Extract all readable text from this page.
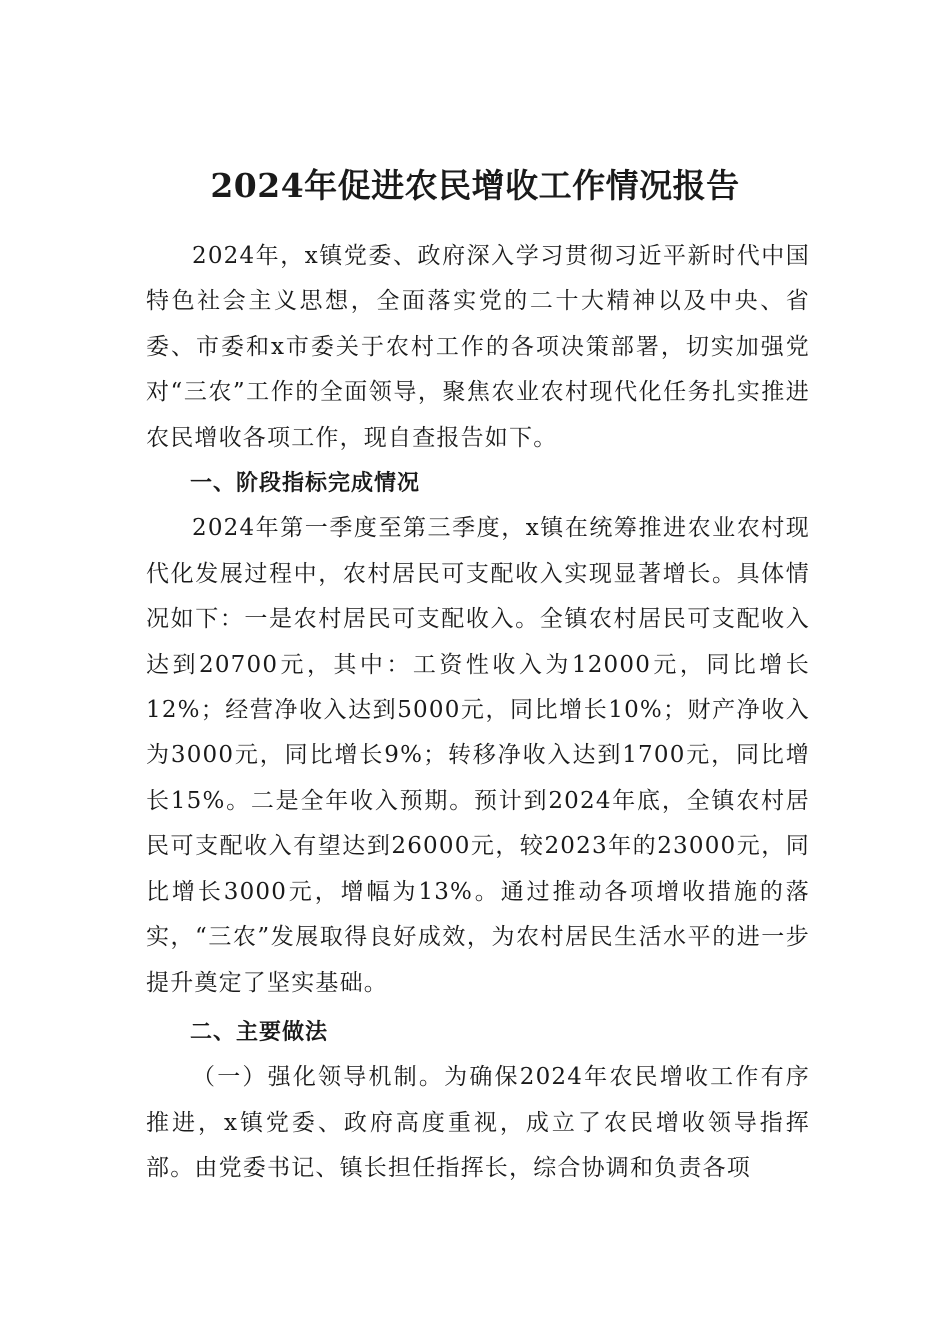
2024年促进农民增收工作情况报告

2024年，x镇党委、政府深入学习贯彻习近平新时代中国特色社会主义思想，全面落实党的二十大精神以及中央、省委、市委和x市委关于农村工作的各项决策部署，切实加强党对“三农”工作的全面领导，聚焦农业农村现代化任务扎实推进农民增收各项工作，现自查报告如下。

一、阶段指标完成情况

2024年第一季度至第三季度，x镇在统筹推进农业农村现代化发展过程中，农村居民可支配收入实现显著增长。具体情况如下：一是农村居民可支配收入。全镇农村居民可支配收入达到20700元，其中：工资性收入为12000元，同比增长12%；经营净收入达到5000元，同比增长10%；财产净收入为3000元，同比增长9%；转移净收入达到1700元，同比增长15%。二是全年收入预期。预计到2024年底，全镇农村居民可支配收入有望达到26000元，较2023年的23000元，同比增长3000元，增幅为13%。通过推动各项增收措施的落实，“三农”发展取得良好成效，为农村居民生活水平的进一步提升奠定了坚实基础。

二、主要做法

（一）强化领导机制。为确保2024年农民增收工作有序推进，x镇党委、政府高度重视，成立了农民增收领导指挥部。由党委书记、镇长担任指挥长，综合协调和负责各项
